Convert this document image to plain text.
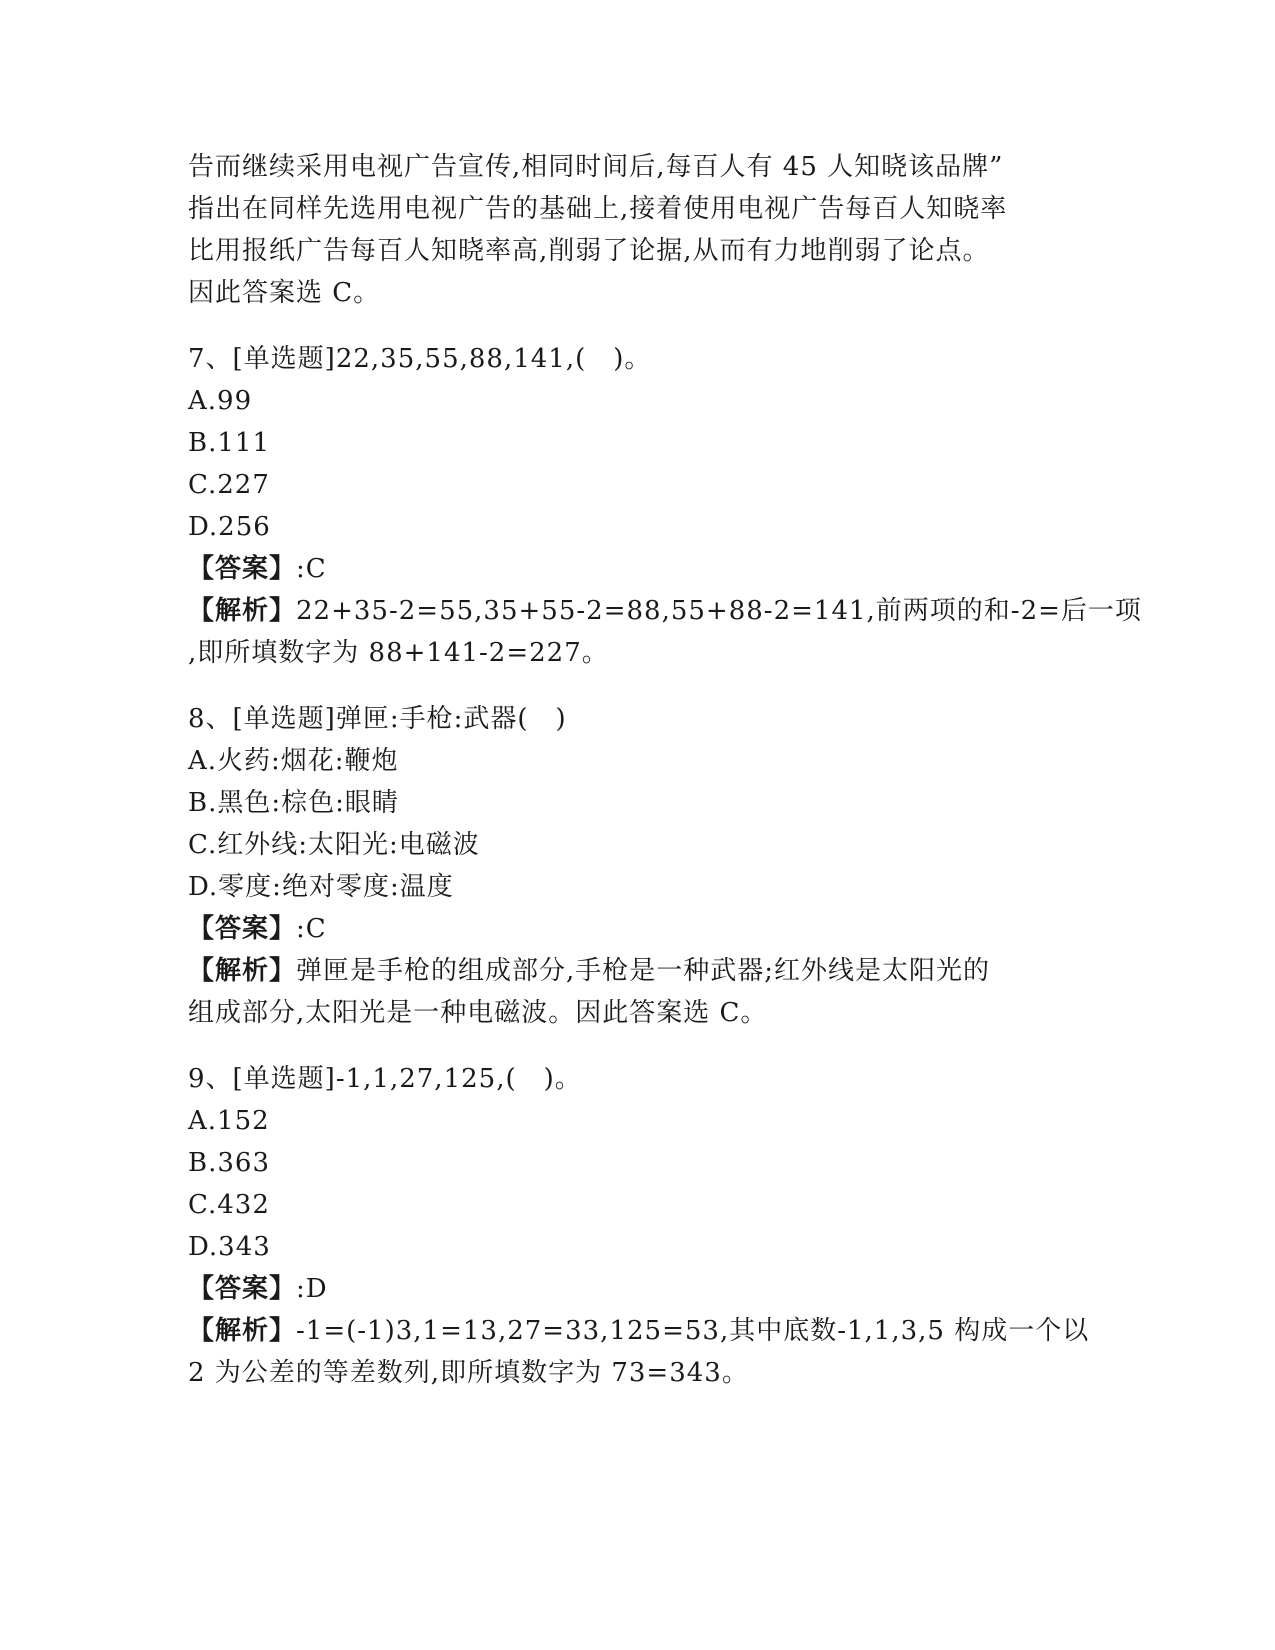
告而继续采用电视广告宣传,相同时间后,每百人有 45 人知晓该品牌”
指出在同样先选用电视广告的基础上,接着使用电视广告每百人知晓率
比用报纸广告每百人知晓率高,削弱了论据,从而有力地削弱了论点。
因此答案选 C。
7、[单选题]22,35,55,88,141,(　)。
A.99
B.111
C.227
D.256
【答案】:C
【解析】22+35-2=55,35+55-2=88,55+88-2=141,前两项的和-2=后一项
,即所填数字为 88+141-2=227。
8、[单选题]弹匣:手枪:武器(　)
A.火药:烟花:鞭炮
B.黑色:棕色:眼睛
C.红外线:太阳光:电磁波
D.零度:绝对零度:温度
【答案】:C
【解析】弹匣是手枪的组成部分,手枪是一种武器;红外线是太阳光的
组成部分,太阳光是一种电磁波。因此答案选 C。
9、[单选题]-1,1,27,125,(　)。
A.152
B.363
C.432
D.343
【答案】:D
【解析】-1=(-1)3,1=13,27=33,125=53,其中底数-1,1,3,5 构成一个以
2 为公差的等差数列,即所填数字为 73=343。
